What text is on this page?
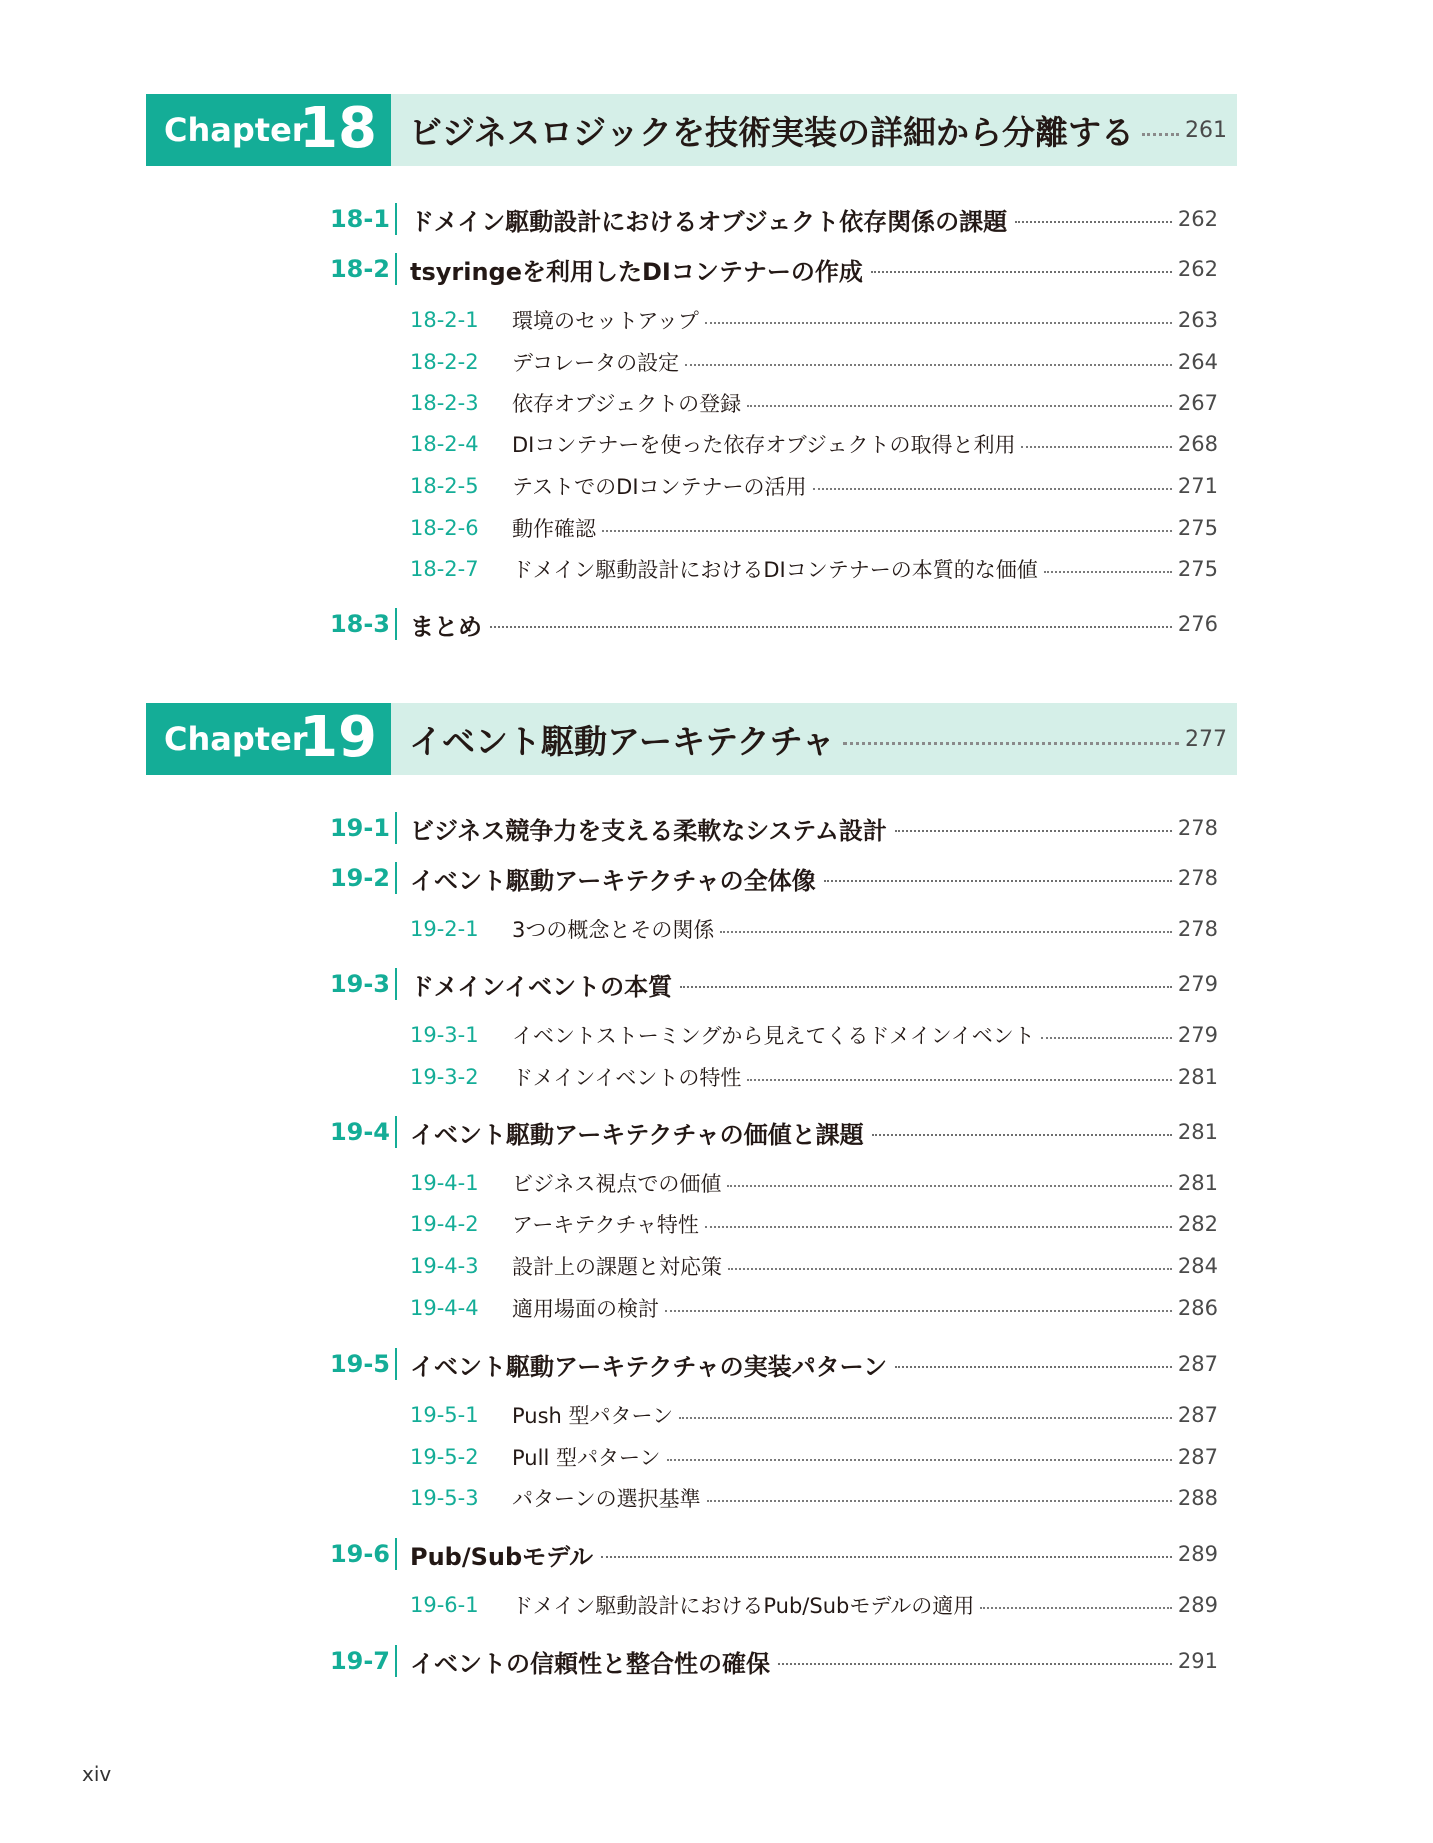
Chapter
18 ビジネスロジックを技術実装の詳細から分離する 261
18-1 ドメイン駆動設計におけるオブジェクト依存関係の課題	262
18-2 tsyringeを利用したDIコンテナーの作成	262
18-2-1	環境のセットアップ	263
18-2-2	デコレータの設定	264
18-2-3	依存オブジェクトの登録	267
18-2-4	DIコンテナーを使った依存オブジェクトの取得と利用	268
18-2-5	テストでのDIコンテナーの活用	271
18-2-6	動作確認	275
18-2-7	ドメイン駆動設計におけるDIコンテナーの本質的な価値	275
18-3 まとめ	276
Chapter
19 イベント駆動アーキテクチャ	277
19-1 ビジネス競争力を支える柔軟なシステム設計	278
19-2 イベント駆動アーキテクチャの全体像	278
19-2-1	3つの概念とその関係	278
19-3 ドメインイベントの本質	279
19-3-1	イベントストーミングから見えてくるドメインイベント	279
19-3-2	ドメインイベントの特性	281
19-4 イベント駆動アーキテクチャの価値と課題	281
19-4-1	ビジネス視点での価値	281
19-4-2	アーキテクチャ特性	282
19-4-3	設計上の課題と対応策	284
19-4-4	適用場面の検討	286
19-5 イベント駆動アーキテクチャの実装パターン	287
19-5-1	Push 型パターン	287
19-5-2	Pull 型パターン	287
19-5-3	パターンの選択基準	288
19-6 Pub/Subモデル	289
19-6-1	ドメイン駆動設計におけるPub/Subモデルの適用	289
19-7 イベントの信頼性と整合性の確保	291
xiv
